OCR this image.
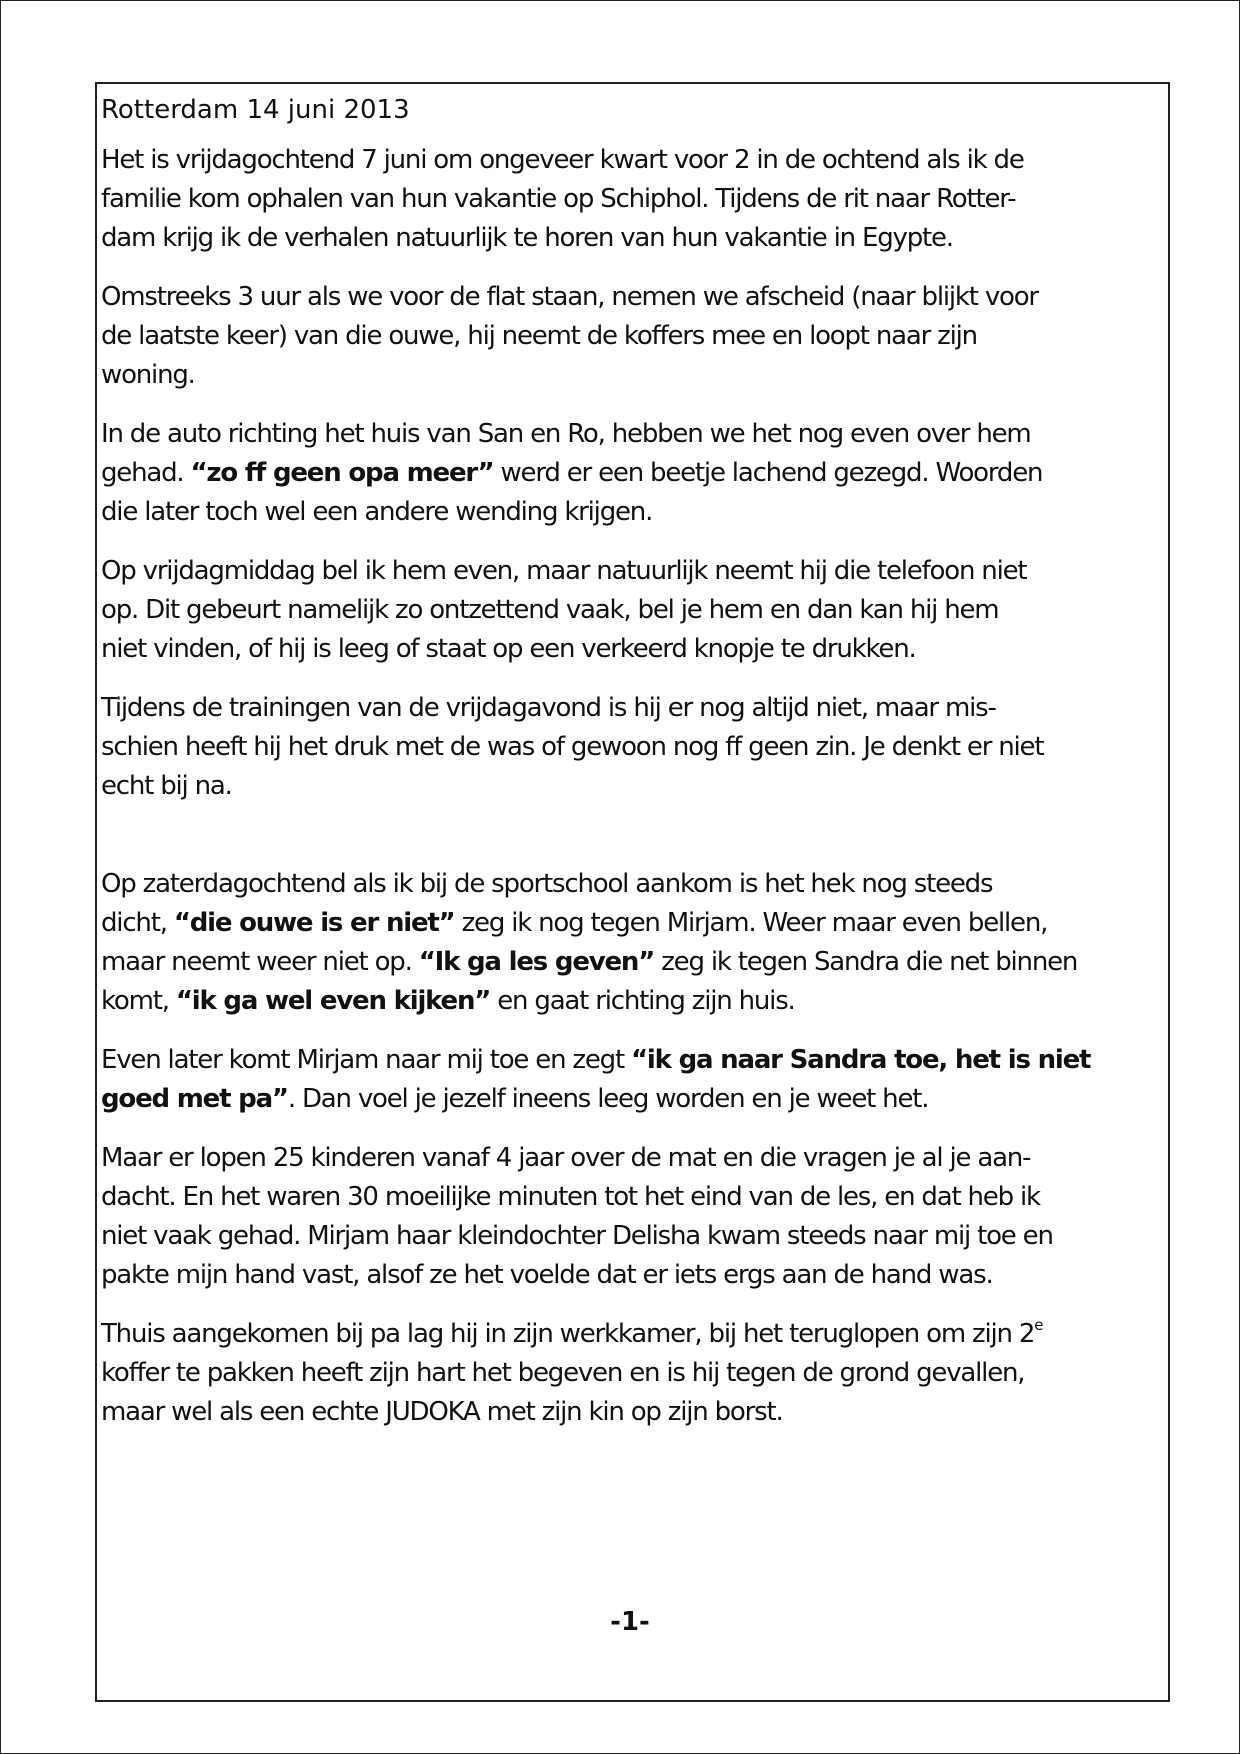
Rotterdam 14 juni 2013
Het is vrijdagochtend 7 juni om ongeveer kwart voor 2 in de ochtend als ik de
familie kom ophalen van hun vakantie op Schiphol. Tijdens de rit naar Rotter-
dam krijg ik de verhalen natuurlijk te horen van hun vakantie in Egypte.
Omstreeks 3 uur als we voor de flat staan, nemen we afscheid (naar blijkt voor
de laatste keer) van die ouwe, hij neemt de koffers mee en loopt naar zijn
woning.
In de auto richting het huis van San en Ro, hebben we het nog even over hem
gehad. “zo ff geen opa meer” werd er een beetje lachend gezegd. Woorden
die later toch wel een andere wending krijgen.
Op vrijdagmiddag bel ik hem even, maar natuurlijk neemt hij die telefoon niet
op. Dit gebeurt namelijk zo ontzettend vaak, bel je hem en dan kan hij hem
niet vinden, of hij is leeg of staat op een verkeerd knopje te drukken.
Tijdens de trainingen van de vrijdagavond is hij er nog altijd niet, maar mis-
schien heeft hij het druk met de was of gewoon nog ff geen zin. Je denkt er niet
echt bij na.
Op zaterdagochtend als ik bij de sportschool aankom is het hek nog steeds
dicht, “die ouwe is er niet” zeg ik nog tegen Mirjam. Weer maar even bellen,
maar neemt weer niet op. “Ik ga les geven” zeg ik tegen Sandra die net binnen
komt, “ik ga wel even kijken” en gaat richting zijn huis.
Even later komt Mirjam naar mij toe en zegt “ik ga naar Sandra toe, het is niet
goed met pa”. Dan voel je jezelf ineens leeg worden en je weet het.
Maar er lopen 25 kinderen vanaf 4 jaar over de mat en die vragen je al je aan-
dacht. En het waren 30 moeilijke minuten tot het eind van de les, en dat heb ik
niet vaak gehad. Mirjam haar kleindochter Delisha kwam steeds naar mij toe en
pakte mijn hand vast, alsof ze het voelde dat er iets ergs aan de hand was.
Thuis aangekomen bij pa lag hij in zijn werkkamer, bij het teruglopen om zijn 2e
koffer te pakken heeft zijn hart het begeven en is hij tegen de grond gevallen,
maar wel als een echte JUDOKA met zijn kin op zijn borst.
-1-
